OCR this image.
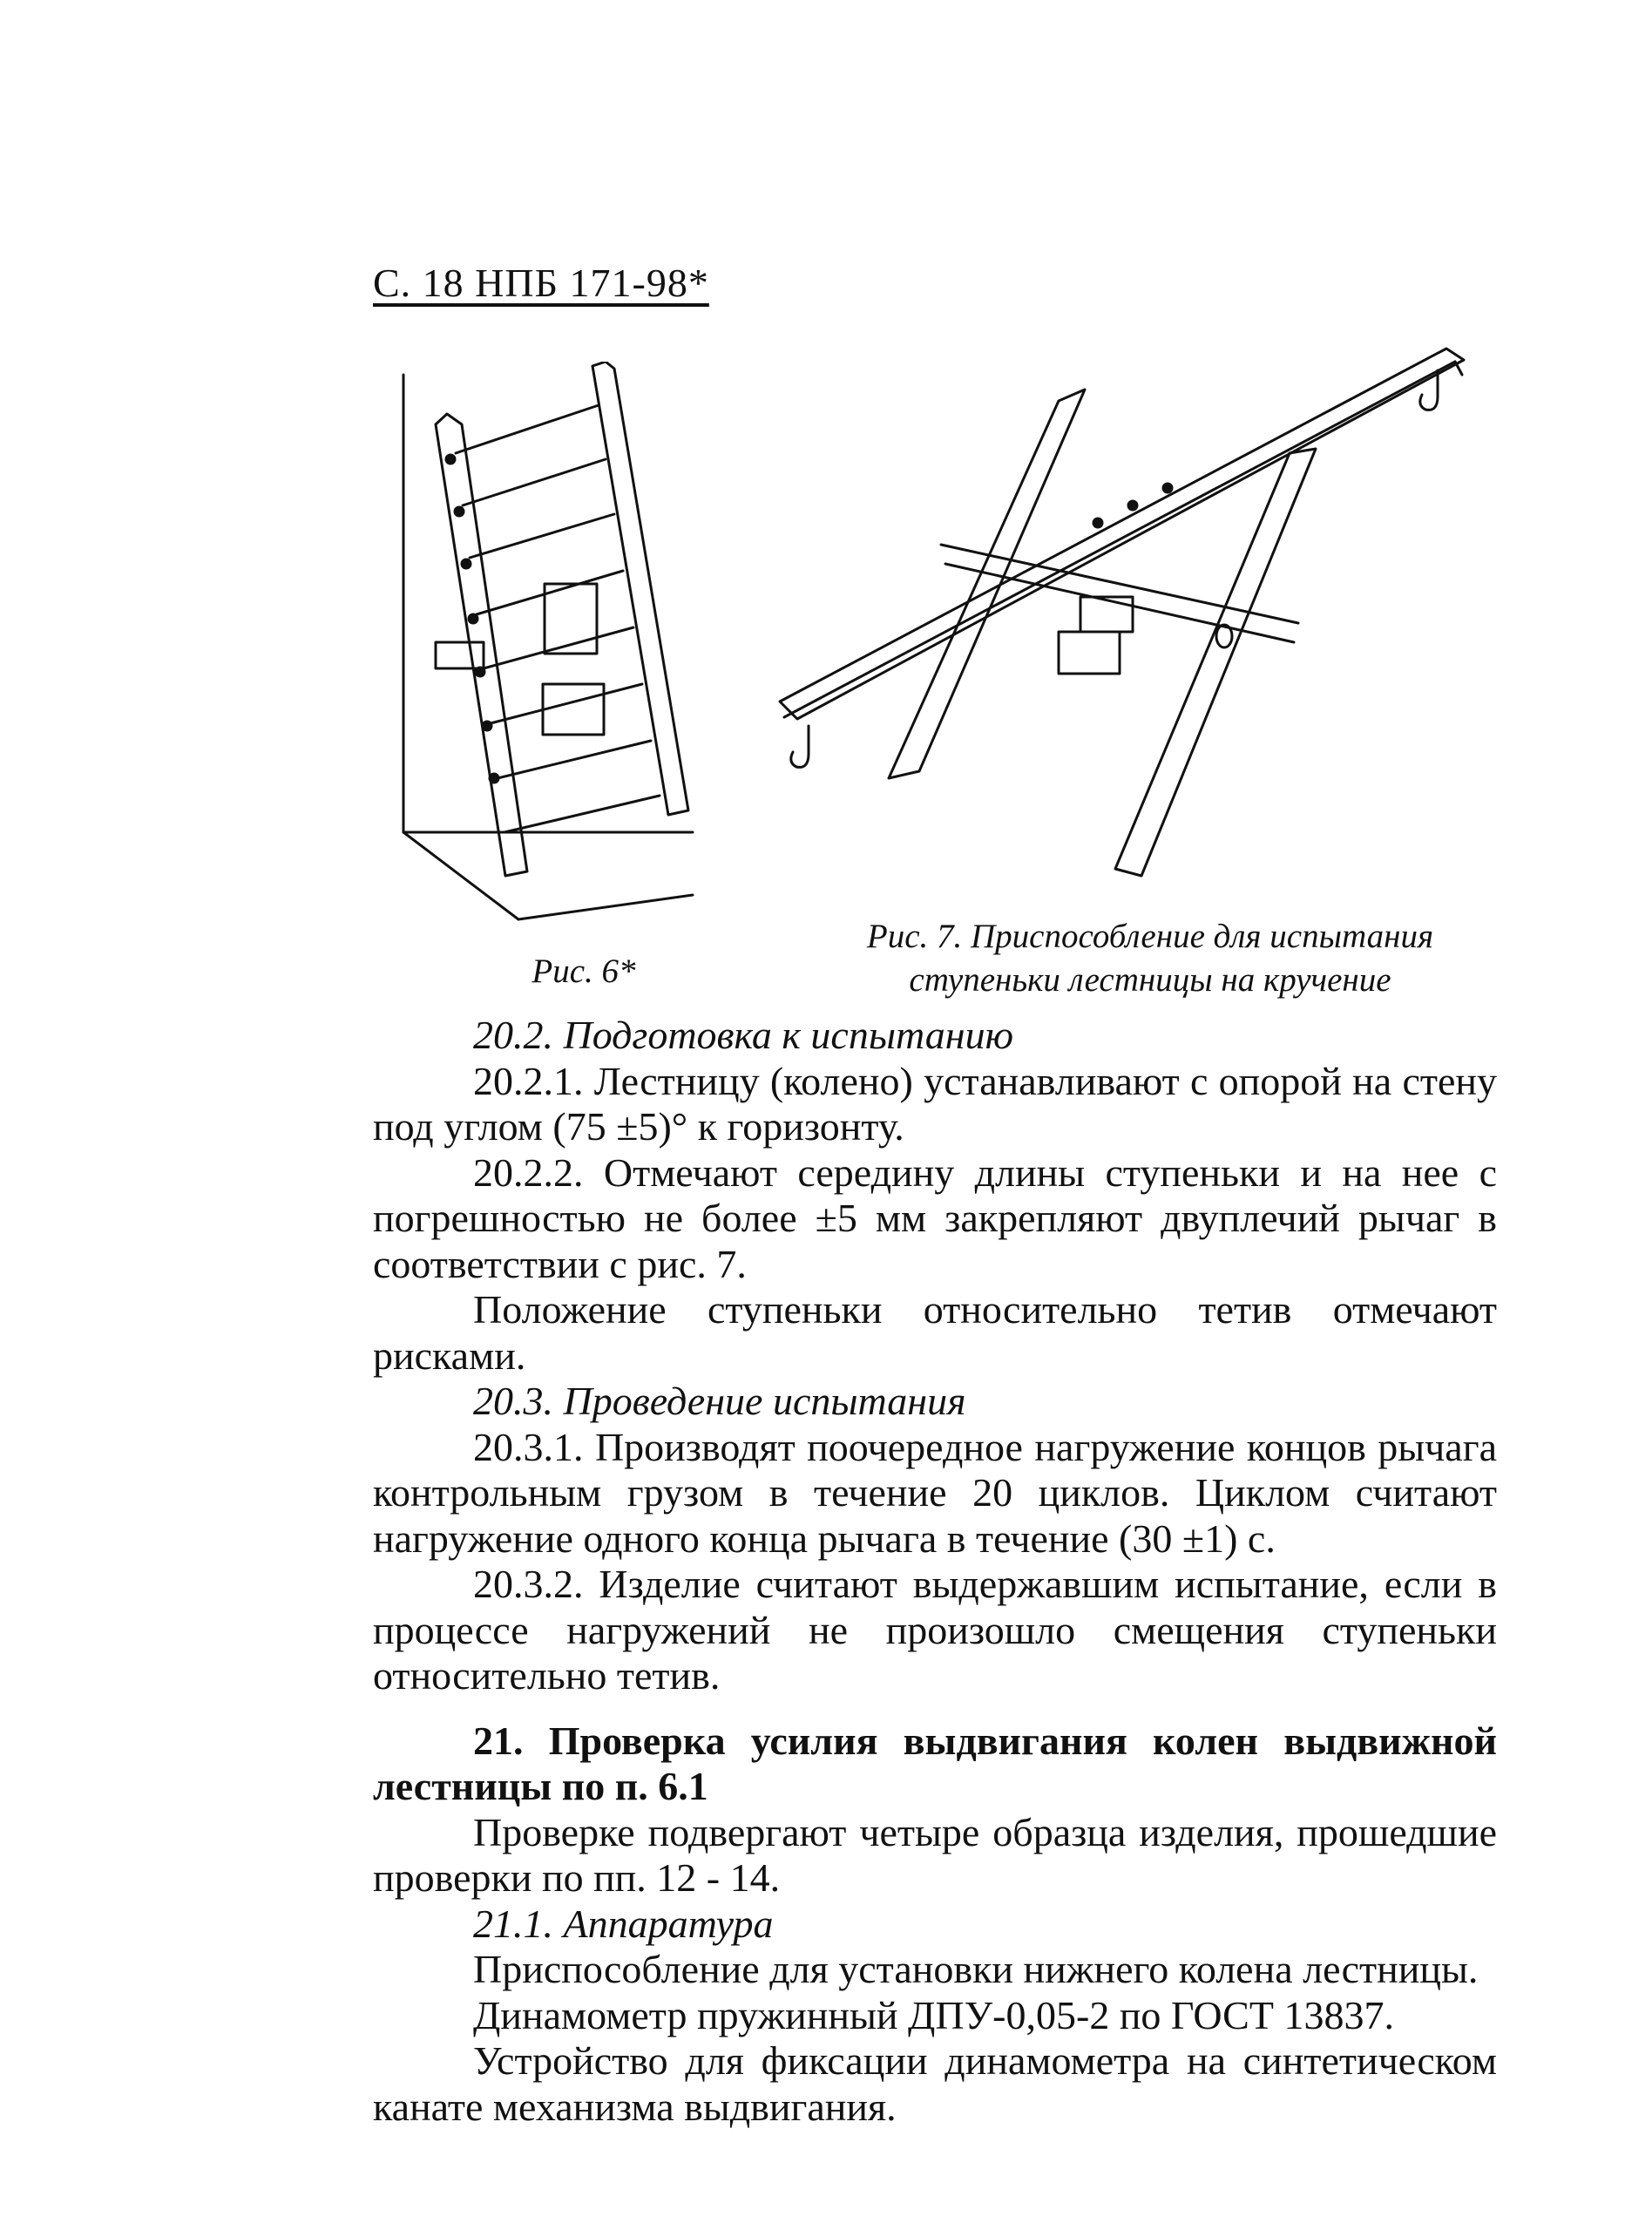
С. 18 НПБ 171-98*
Рис. 6*
Рис. 7. Приспособление для испытания
ступеньки лестницы на кручение

20.2. Подготовка к испытанию

20.2.1. Лестницу (колено) устанавливают с опорой на стену под углом (75 ±5)° к горизонту.

20.2.2. Отмечают середину длины ступеньки и на нее с погрешностью не более ±5 мм закрепляют двуплечий рычаг в соответствии с рис. 7.

Положение ступеньки относительно тетив отмечают рисками.

20.3. Проведение испытания

20.3.1. Производят поочередное нагружение концов рычага контрольным грузом в течение 20 циклов. Циклом считают нагружение одного конца рычага в течение (30 ±1) с.

20.3.2. Изделие считают выдержавшим испытание, если в процессе нагружений не произошло смещения ступеньки относительно тетив.

21. Проверка усилия выдвигания колен выдвижной лестницы по п. 6.1

Проверке подвергают четыре образца изделия, прошедшие проверки по пп. 12 - 14.

21.1. Аппаратура

Приспособление для установки нижнего колена лестницы.

Динамометр пружинный ДПУ-0,05-2 по ГОСТ 13837.

Устройство для фиксации динамометра на синтетическом канате механизма выдвигания.
